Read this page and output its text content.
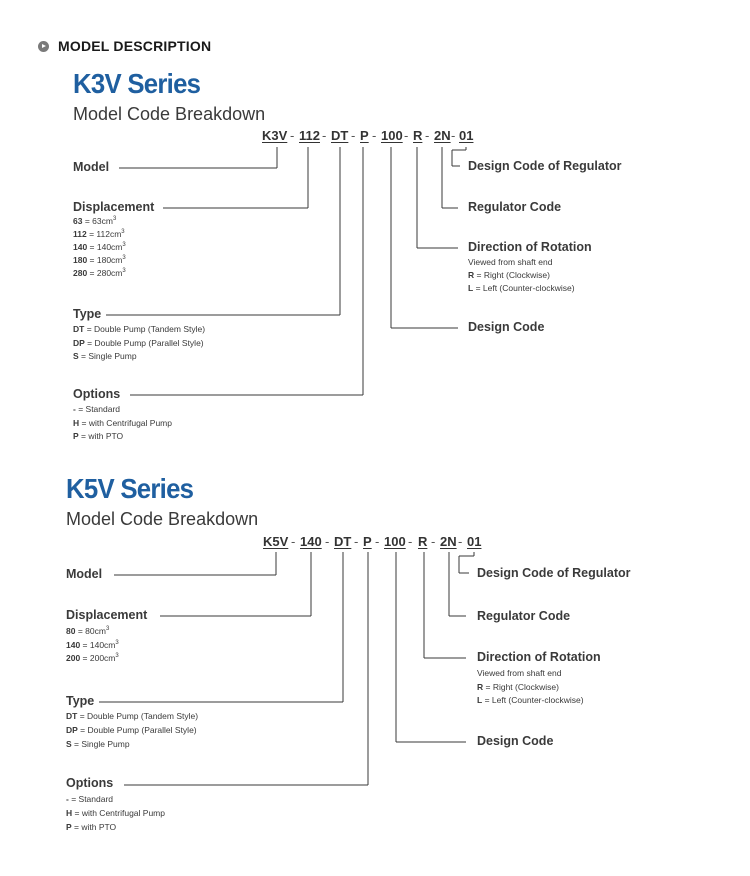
MODEL DESCRIPTION
K3V Series
Model Code Breakdown
K3V - 112 - DT - P - 100 - R - 2N - 01
Model
Displacement
$63 = 63cm^3$
$112 = 112cm^3$
$140 = 140cm^3$
$180 = 180cm^3$
$280 = 280cm^3$
Type
DT = Double Pump (Tandem Style)
DP = Double Pump (Parallel Style)
S = Single Pump
Options
- = Standard
H = with Centrifugal Pump
P = with PTO
Design Code of Regulator
Regulator Code
Direction of Rotation
Viewed from shaft end
R = Right (Clockwise)
L = Left (Counter-clockwise)
Design Code
K5V Series
Model Code Breakdown
K5V - 140 - DT - P - 100 - R - 2N - 01
Model
Displacement
$80 = 80cm^3$
$140 = 140cm^3$
$200 = 200cm^3$
Type
DT = Double Pump (Tandem Style)
DP = Double Pump (Parallel Style)
S = Single Pump
Options
- = Standard
H = with Centrifugal Pump
P = with PTO
Design Code of Regulator
Regulator Code
Direction of Rotation
Viewed from shaft end
R = Right (Clockwise)
L = Left (Counter-clockwise)
Design Code
